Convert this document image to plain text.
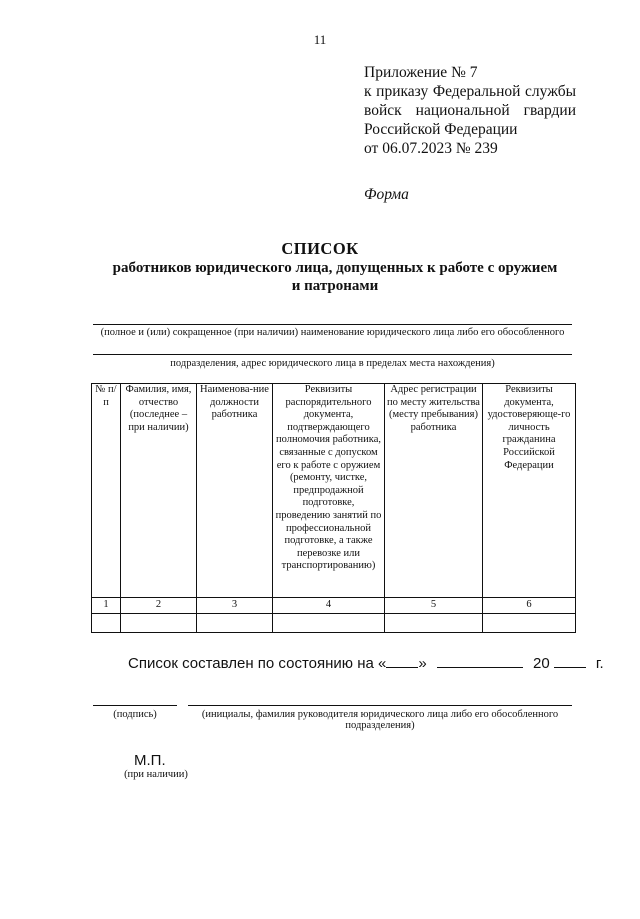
11
Приложение № 7
к приказу Федеральной службы
войск национальной гвардии
Российской Федерации
от 06.07.2023 № 239
Форма
СПИСОК
работников юридического лица, допущенных к работе с оружием
и патронами
(полное и (или) сокращенное (при наличии) наименование юридического лица либо его обособленного
подразделения, адрес юридического лица в пределах места нахождения)
№ п/п	Фамилия, имя, отчество (последнее – при наличии)	Наименова-ние должности работника	Реквизиты распорядительного документа, подтверждающего полномочия работника, связанные с допуском его к работе с оружием (ремонту, чистке, предпродажной подготовке, проведению занятий по профессиональной подготовке, а также перевозке или транспортированию)	Адрес регистрации по месту жительства (месту пребывания) работника	Реквизиты документа, удостоверяюще-го личность гражданина Российской Федерации
1	2	3	4	5	6

Список составлен по состоянию на « »	20	г.
(подпись)	(инициалы, фамилия руководителя юридического лица либо его обособленного
подразделения)
М.П.
(при наличии)
